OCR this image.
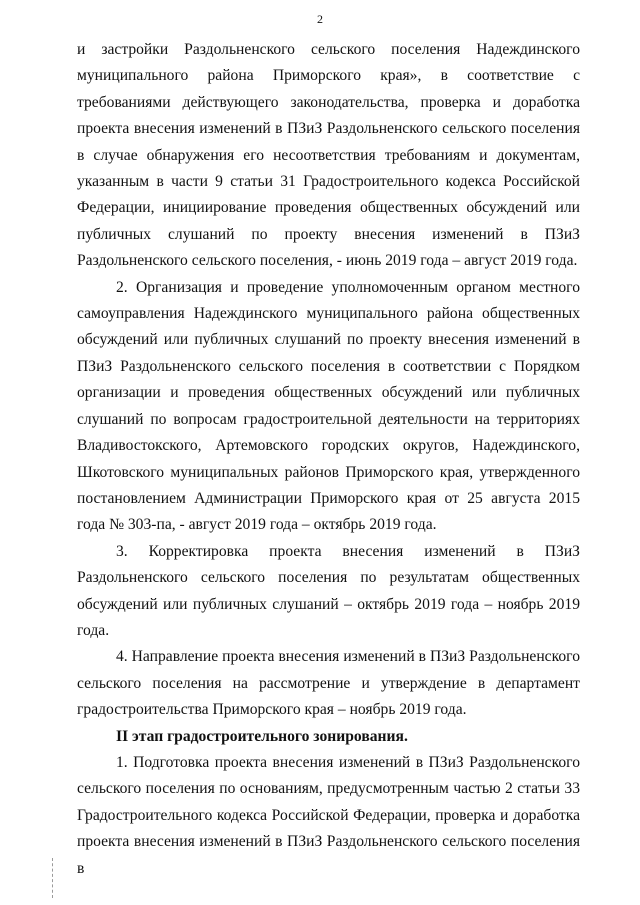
2

и застройки Раздольненского сельского поселения Надеждинского муниципального района Приморского края», в соответствие с требованиями действующего законодательства, проверка и доработка проекта внесения изменений в ПЗиЗ Раздольненского сельского поселения в случае обнаружения его несоответствия требованиям и документам, указанным в части 9 статьи 31 Градостроительного кодекса Российской Федерации, инициирование проведения общественных обсуждений или публичных слушаний по проекту внесения изменений в ПЗиЗ Раздольненского сельского поселения, - июнь 2019 года – август 2019 года.

2. Организация и проведение уполномоченным органом местного самоуправления Надеждинского муниципального района общественных обсуждений или публичных слушаний по проекту внесения изменений в ПЗиЗ Раздольненского сельского поселения в соответствии с Порядком организации и проведения общественных обсуждений или публичных слушаний по вопросам градостроительной деятельности на территориях Владивостокского, Артемовского городских округов, Надеждинского, Шкотовского муниципальных районов Приморского края, утвержденного постановлением Администрации Приморского края от 25 августа 2015 года № 303-па, - август 2019 года – октябрь 2019 года.

3. Корректировка проекта внесения изменений в ПЗиЗ Раздольненского сельского поселения по результатам общественных обсуждений или публичных слушаний – октябрь 2019 года – ноябрь 2019 года.

4. Направление проекта внесения изменений в ПЗиЗ Раздольненского сельского поселения на рассмотрение и утверждение в департамент градостроительства Приморского края – ноябрь 2019 года.

II этап градостроительного зонирования.

1. Подготовка проекта внесения изменений в ПЗиЗ Раздольненского сельского поселения по основаниям, предусмотренным частью 2 статьи 33 Градостроительного кодекса Российской Федерации, проверка и доработка проекта внесения изменений в ПЗиЗ Раздольненского сельского поселения в
